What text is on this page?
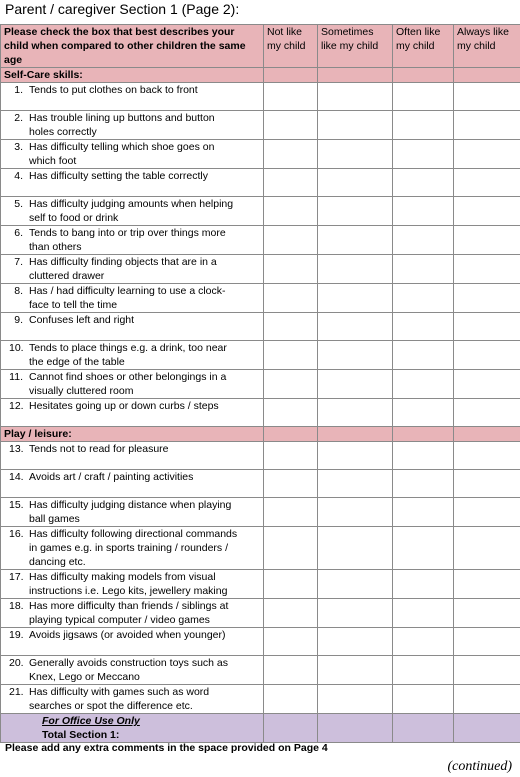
Parent / caregiver Section 1 (Page 2):
Please check the box that best describes your child when compared to other children the same age	Not like my child	Sometimes like my child	Often like my child	Always like my child
Self-Care skills:				
1. Tends to put clothes on back to front				
2. Has trouble lining up buttons and button holes correctly				
3. Has difficulty telling which shoe goes on which foot				
4. Has difficulty setting the table correctly				
5. Has difficulty judging amounts when helping self to food or drink				
6. Tends to bang into or trip over things more than others				
7. Has difficulty finding objects that are in a cluttered drawer				
8. Has / had difficulty learning to use a clock-face to tell the time				
9. Confuses left and right				
10. Tends to place things e.g. a drink, too near the edge of the table				
11. Cannot find shoes or other belongings in a visually cluttered room				
12. Hesitates going up or down curbs / steps				
Play / leisure:				
13. Tends not to read for pleasure				
14. Avoids art / craft / painting activities				
15. Has difficulty judging distance when playing ball games				
16. Has difficulty following directional commands in games e.g. in sports training / rounders / dancing etc.				
17. Has difficulty making models from visual instructions i.e. Lego kits, jewellery making				
18. Has more difficulty than friends / siblings at playing typical computer / video games				
19. Avoids jigsaws (or avoided when younger)				
20. Generally avoids construction toys such as Knex, Lego or Meccano				
21. Has difficulty with games such as word searches or spot the difference etc.				

For Office Use Only
Total Section 1:				

Please add any extra comments in the space provided on Page 4
(continued)
